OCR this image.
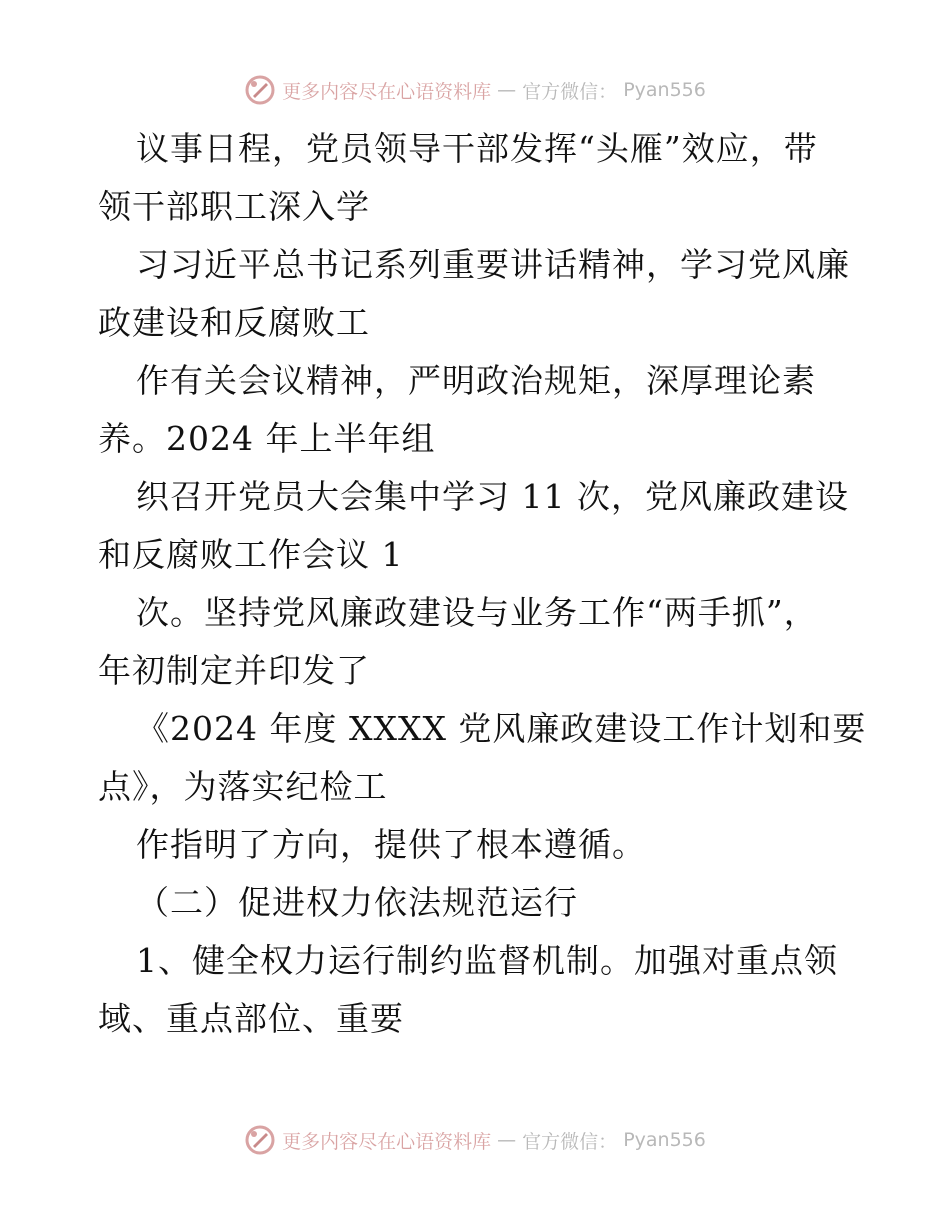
更多内容尽在心语资料库 — 官方微信： Pyan556
议事日程，党员领导干部发挥“头雁”效应，带
领干部职工深入学
习习近平总书记系列重要讲话精神，学习党风廉
政建设和反腐败工
作有关会议精神，严明政治规矩，深厚理论素
养。2024 年上半年组
织召开党员大会集中学习 11 次，党风廉政建设
和反腐败工作会议 1
次。坚持党风廉政建设与业务工作“两手抓”，
年初制定并印发了
《2024 年度 XXXX 党风廉政建设工作计划和要
点》，为落实纪检工
作指明了方向，提供了根本遵循。
（二）促进权力依法规范运行
1、健全权力运行制约监督机制。加强对重点领
域、重点部位、重要
更多内容尽在心语资料库 — 官方微信： Pyan556
